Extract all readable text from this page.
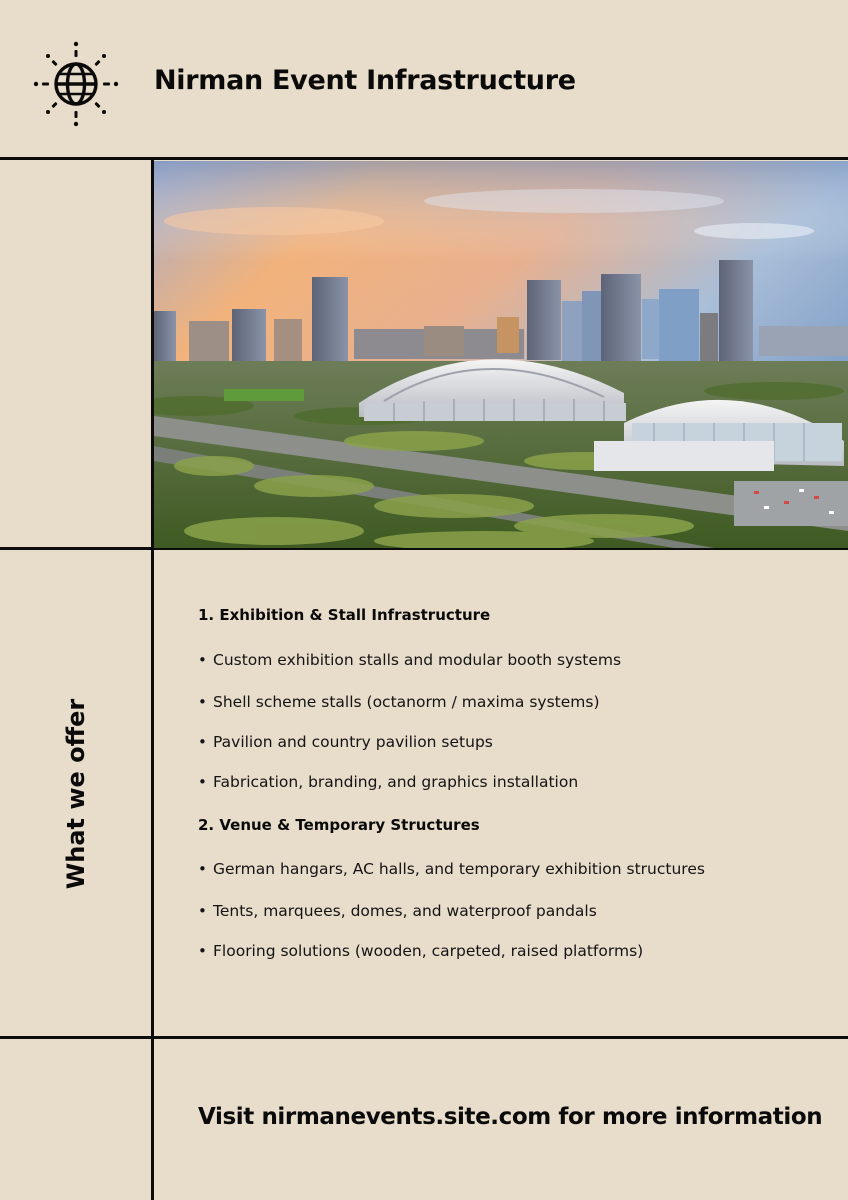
Nirman Event Infrastructure
What we offer
1. Exhibition & Stall Infrastructure
• Custom exhibition stalls and modular booth systems
• Shell scheme stalls (octanorm / maxima systems)
• Pavilion and country pavilion setups
• Fabrication, branding, and graphics installation
2. Venue & Temporary Structures
• German hangars, AC halls, and temporary exhibition structures
• Tents, marquees, domes, and waterproof pandals
• Flooring solutions (wooden, carpeted, raised platforms)
Visit nirmanevents.site.com for more information
